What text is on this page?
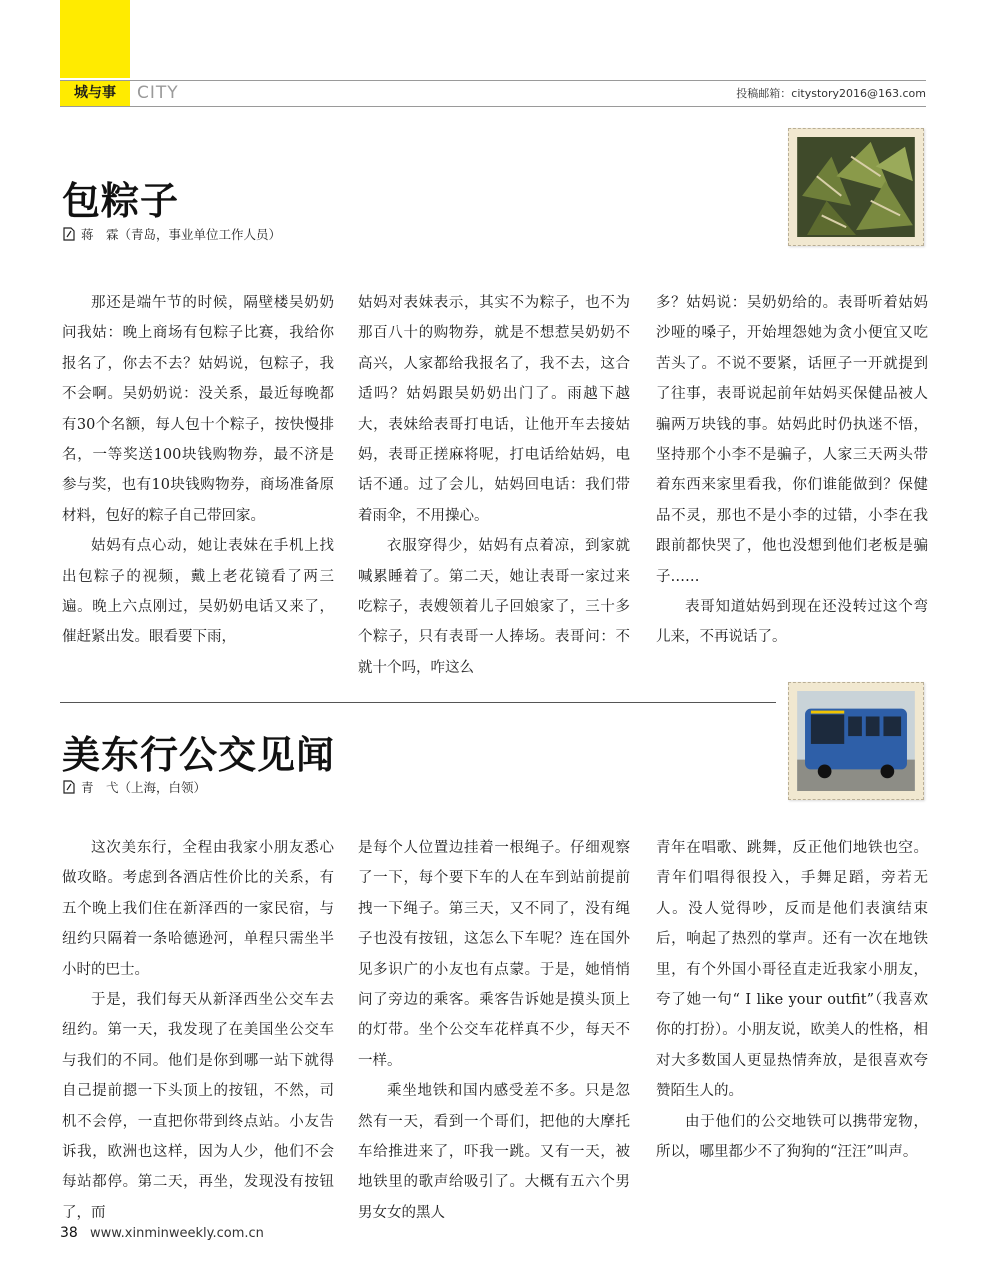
城与事	CITY	投稿邮箱：citystory2016@163.com
包粽子
蒋　霖（青岛，事业单位工作人员）

那还是端午节的时候，隔壁楼吴奶奶问我姑：晚上商场有包粽子比赛，我给你报名了，你去不去？姑妈说，包粽子，我不会啊。吴奶奶说：没关系，最近每晚都有30个名额，每人包十个粽子，按快慢排名，一等奖送100块钱购物券，最不济是参与奖，也有10块钱购物券，商场准备原材料，包好的粽子自己带回家。

姑妈有点心动，她让表妹在手机上找出包粽子的视频，戴上老花镜看了两三遍。晚上六点刚过，吴奶奶电话又来了，催赶紧出发。眼看要下雨，

姑妈对表妹表示，其实不为粽子，也不为那百八十的购物券，就是不想惹吴奶奶不高兴，人家都给我报名了，我不去，这合适吗？姑妈跟吴奶奶出门了。雨越下越大，表妹给表哥打电话，让他开车去接姑妈，表哥正搓麻将呢，打电话给姑妈，电话不通。过了会儿，姑妈回电话：我们带着雨伞，不用操心。

衣服穿得少，姑妈有点着凉，到家就喊累睡着了。第二天，她让表哥一家过来吃粽子，表嫂领着儿子回娘家了，三十多个粽子，只有表哥一人捧场。表哥问：不就十个吗，咋这么

多？姑妈说：吴奶奶给的。表哥听着姑妈沙哑的嗓子，开始埋怨她为贪小便宜又吃苦头了。不说不要紧，话匣子一开就提到了往事，表哥说起前年姑妈买保健品被人骗两万块钱的事。姑妈此时仍执迷不悟，坚持那个小李不是骗子，人家三天两头带着东西来家里看我，你们谁能做到？保健品不灵，那也不是小李的过错，小李在我跟前都快哭了，他也没想到他们老板是骗子……

表哥知道姑妈到现在还没转过这个弯儿来，不再说话了。

美东行公交见闻
青　弋（上海，白领）

这次美东行，全程由我家小朋友悉心做攻略。考虑到各酒店性价比的关系，有五个晚上我们住在新泽西的一家民宿，与纽约只隔着一条哈德逊河，单程只需坐半小时的巴士。

于是，我们每天从新泽西坐公交车去纽约。第一天，我发现了在美国坐公交车与我们的不同。他们是你到哪一站下就得自己提前摁一下头顶上的按钮，不然，司机不会停，一直把你带到终点站。小友告诉我，欧洲也这样，因为人少，他们不会每站都停。第二天，再坐，发现没有按钮了，而

是每个人位置边挂着一根绳子。仔细观察了一下，每个要下车的人在车到站前提前拽一下绳子。第三天，又不同了，没有绳子也没有按钮，这怎么下车呢？连在国外见多识广的小友也有点蒙。于是，她悄悄问了旁边的乘客。乘客告诉她是摸头顶上的灯带。坐个公交车花样真不少，每天不一样。

乘坐地铁和国内感受差不多。只是忽然有一天，看到一个哥们，把他的大摩托车给推进来了，吓我一跳。又有一天，被地铁里的歌声给吸引了。大概有五六个男男女女的黑人

青年在唱歌、跳舞，反正他们地铁也空。青年们唱得很投入，手舞足蹈，旁若无人。没人觉得吵，反而是他们表演结束后，响起了热烈的掌声。还有一次在地铁里，有个外国小哥径直走近我家小朋友，夸了她一句“ I like your outfit”（我喜欢你的打扮）。小朋友说，欧美人的性格，相对大多数国人更显热情奔放，是很喜欢夸赞陌生人的。

由于他们的公交地铁可以携带宠物，所以，哪里都少不了狗狗的“汪汪”叫声。

38 www.xinminweekly.com.cn
